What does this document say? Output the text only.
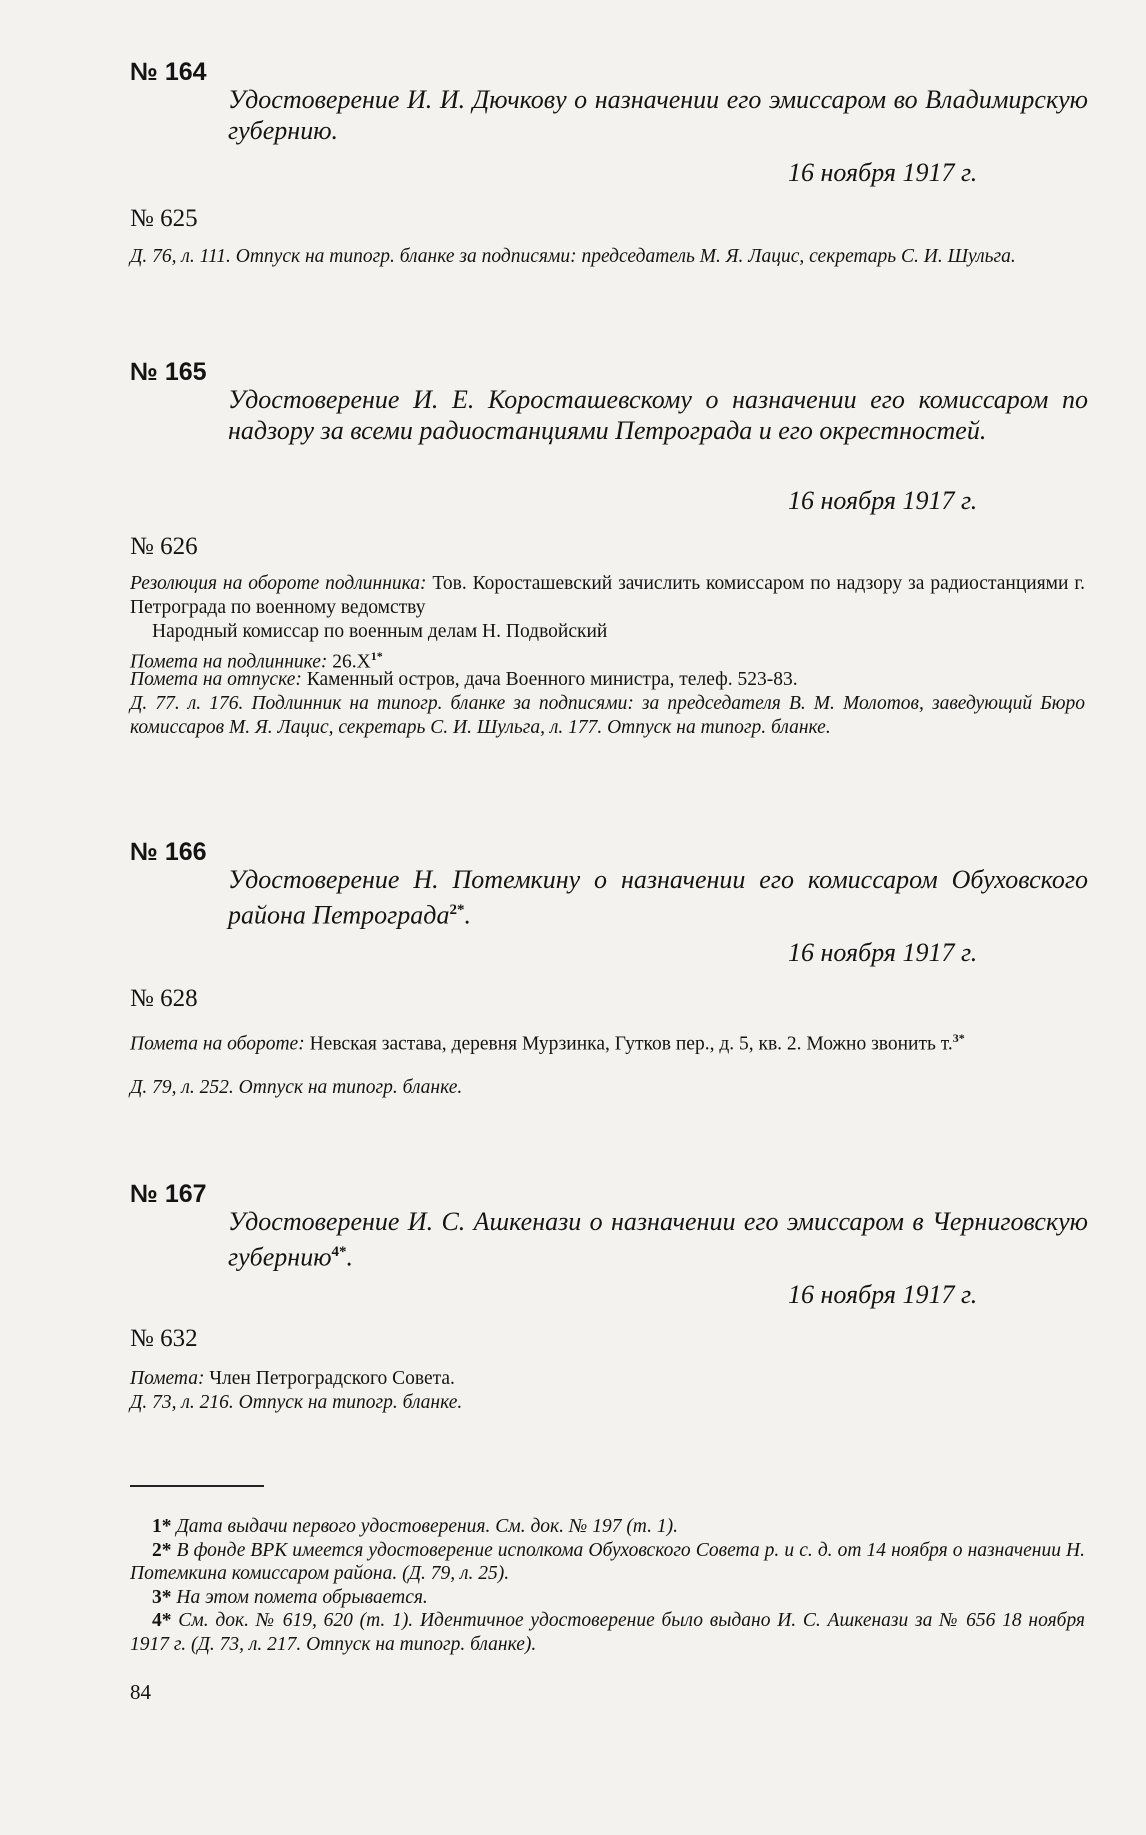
№ 164
Удостоверение И. И. Дючкову о назначении его эмиссаром во Владимирскую губернию.
16 ноября 1917 г.
№ 625
Д. 76, л. 111. Отпуск на типогр. бланке за подписями: председатель М. Я. Лацис, секретарь С. И. Шульга.
№ 165
Удостоверение И. Е. Коросташевскому о назначении его комиссаром по надзору за всеми радиостанциями Петрограда и его окрестностей.
16 ноября 1917 г.
№ 626
Резолюция на обороте подлинника: Тов. Коросташевский зачислить комиссаром по надзору за радиостанциями г. Петрограда по военному ведомству
Народный комиссар по военным делам Н. Подвойский
Помета на подлиннике: $26.X^{1*}$
Помета на отпуске: Каменный остров, дача Военного министра, телеф. 523-83.
Д. 77. л. 176. Подлинник на типогр. бланке за подписями: за председателя В. М. Молотов, заведующий Бюро комиссаров М. Я. Лацис, секретарь С. И. Шульга, л. 177. Отпуск на типогр. бланке.
№ 166
Удостоверение Н. Потемкину о назначении его комиссаром Обуховского района Петрограда$^{2*}$.
16 ноября 1917 г.
№ 628
Помета на обороте: Невская застава, деревня Мурзинка, Гутков пер., д. 5, кв. 2. Можно звонить т.$^{3*}$
Д. 79, л. 252. Отпуск на типогр. бланке.
№ 167
Удостоверение И. С. Ашкенази о назначении его эмиссаром в Черниговскую губернию$^{4*}$.
16 ноября 1917 г.
№ 632
Помета: Член Петроградского Совета.
Д. 73, л. 216. Отпуск на типогр. бланке.
1* Дата выдачи первого удостоверения. См. док. № 197 (т. 1).
2* В фонде ВРК имеется удостоверение исполкома Обуховского Совета р. и с. д. от 14 ноября о назначении Н. Потемкина комиссаром района. (Д. 79, л. 25).
3* На этом помета обрывается.
4* См. док. № 619, 620 (т. 1). Идентичное удостоверение было выдано И. С. Ашкенази за № 656 18 ноября 1917 г. (Д. 73, л. 217. Отпуск на типогр. бланке).
84
